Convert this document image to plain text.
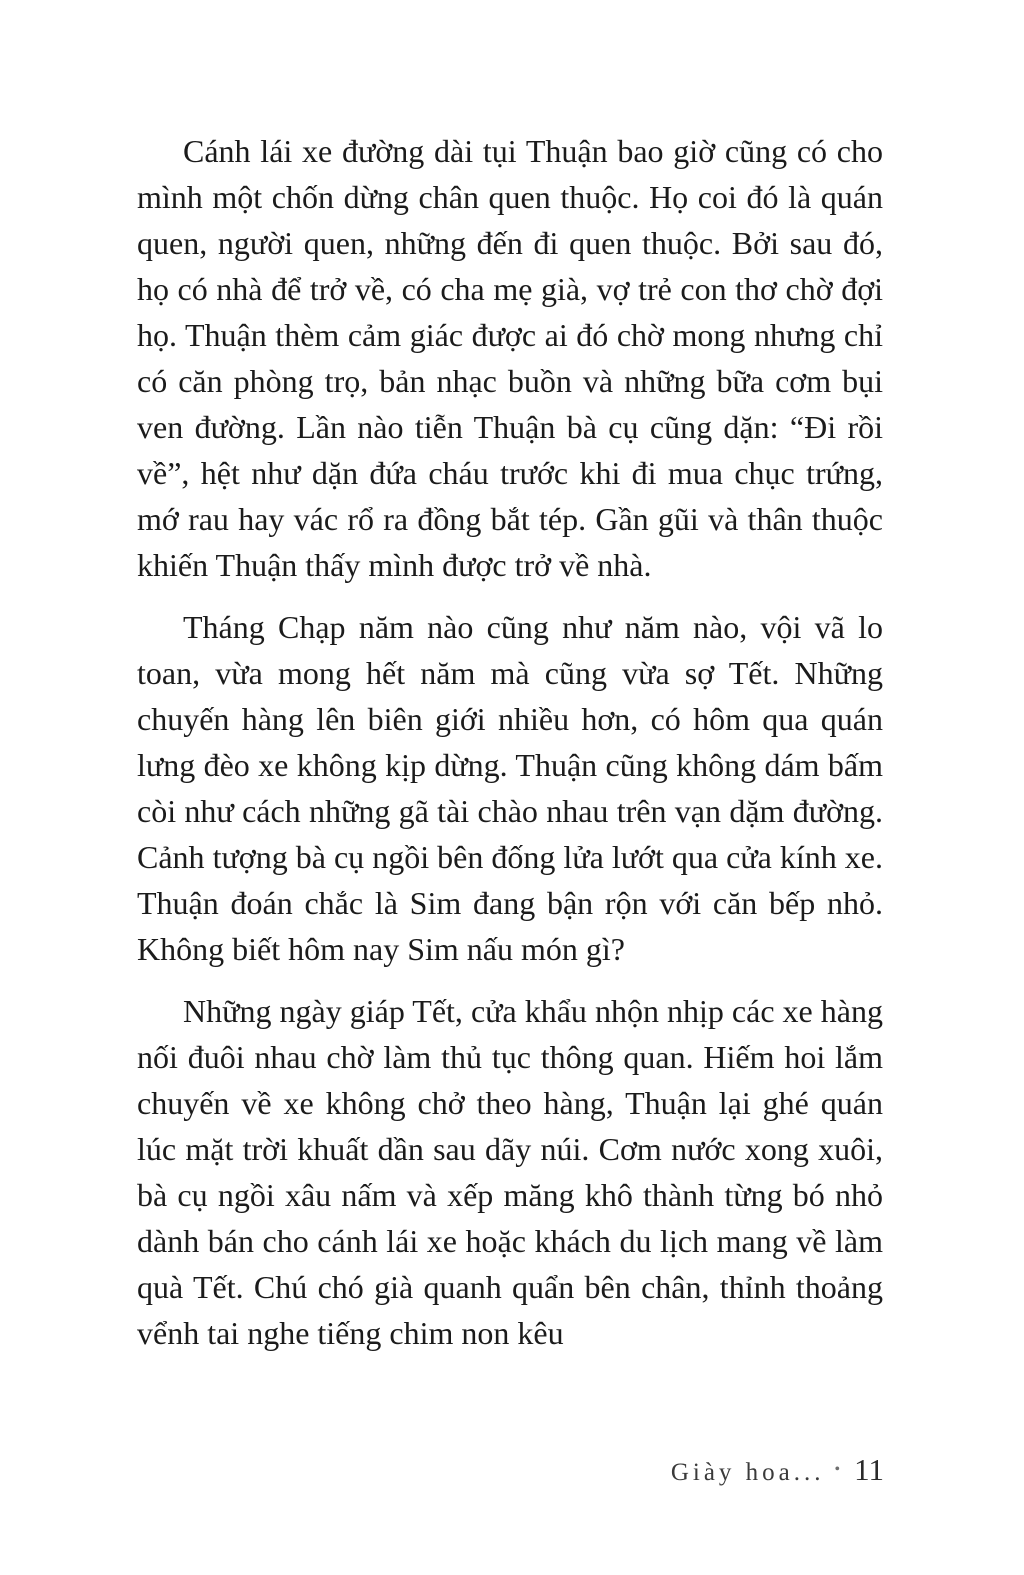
Cánh lái xe đường dài tụi Thuận bao giờ cũng có cho mình một chốn dừng chân quen thuộc. Họ coi đó là quán quen, người quen, những đến đi quen thuộc. Bởi sau đó, họ có nhà để trở về, có cha mẹ già, vợ trẻ con thơ chờ đợi họ. Thuận thèm cảm giác được ai đó chờ mong nhưng chỉ có căn phòng trọ, bản nhạc buồn và những bữa cơm bụi ven đường. Lần nào tiễn Thuận bà cụ cũng dặn: “Đi rồi về”, hệt như dặn đứa cháu trước khi đi mua chục trứng, mớ rau hay vác rổ ra đồng bắt tép. Gần gũi và thân thuộc khiến Thuận thấy mình được trở về nhà.

Tháng Chạp năm nào cũng như năm nào, vội vã lo toan, vừa mong hết năm mà cũng vừa sợ Tết. Những chuyến hàng lên biên giới nhiều hơn, có hôm qua quán lưng đèo xe không kịp dừng. Thuận cũng không dám bấm còi như cách những gã tài chào nhau trên vạn dặm đường. Cảnh tượng bà cụ ngồi bên đống lửa lướt qua cửa kính xe. Thuận đoán chắc là Sim đang bận rộn với căn bếp nhỏ. Không biết hôm nay Sim nấu món gì?

Những ngày giáp Tết, cửa khẩu nhộn nhịp các xe hàng nối đuôi nhau chờ làm thủ tục thông quan. Hiếm hoi lắm chuyến về xe không chở theo hàng, Thuận lại ghé quán lúc mặt trời khuất dần sau dãy núi. Cơm nước xong xuôi, bà cụ ngồi xâu nấm và xếp măng khô thành từng bó nhỏ dành bán cho cánh lái xe hoặc khách du lịch mang về làm quà Tết. Chú chó già quanh quẩn bên chân, thỉnh thoảng vểnh tai nghe tiếng chim non kêu

Giày hoa... • 11
